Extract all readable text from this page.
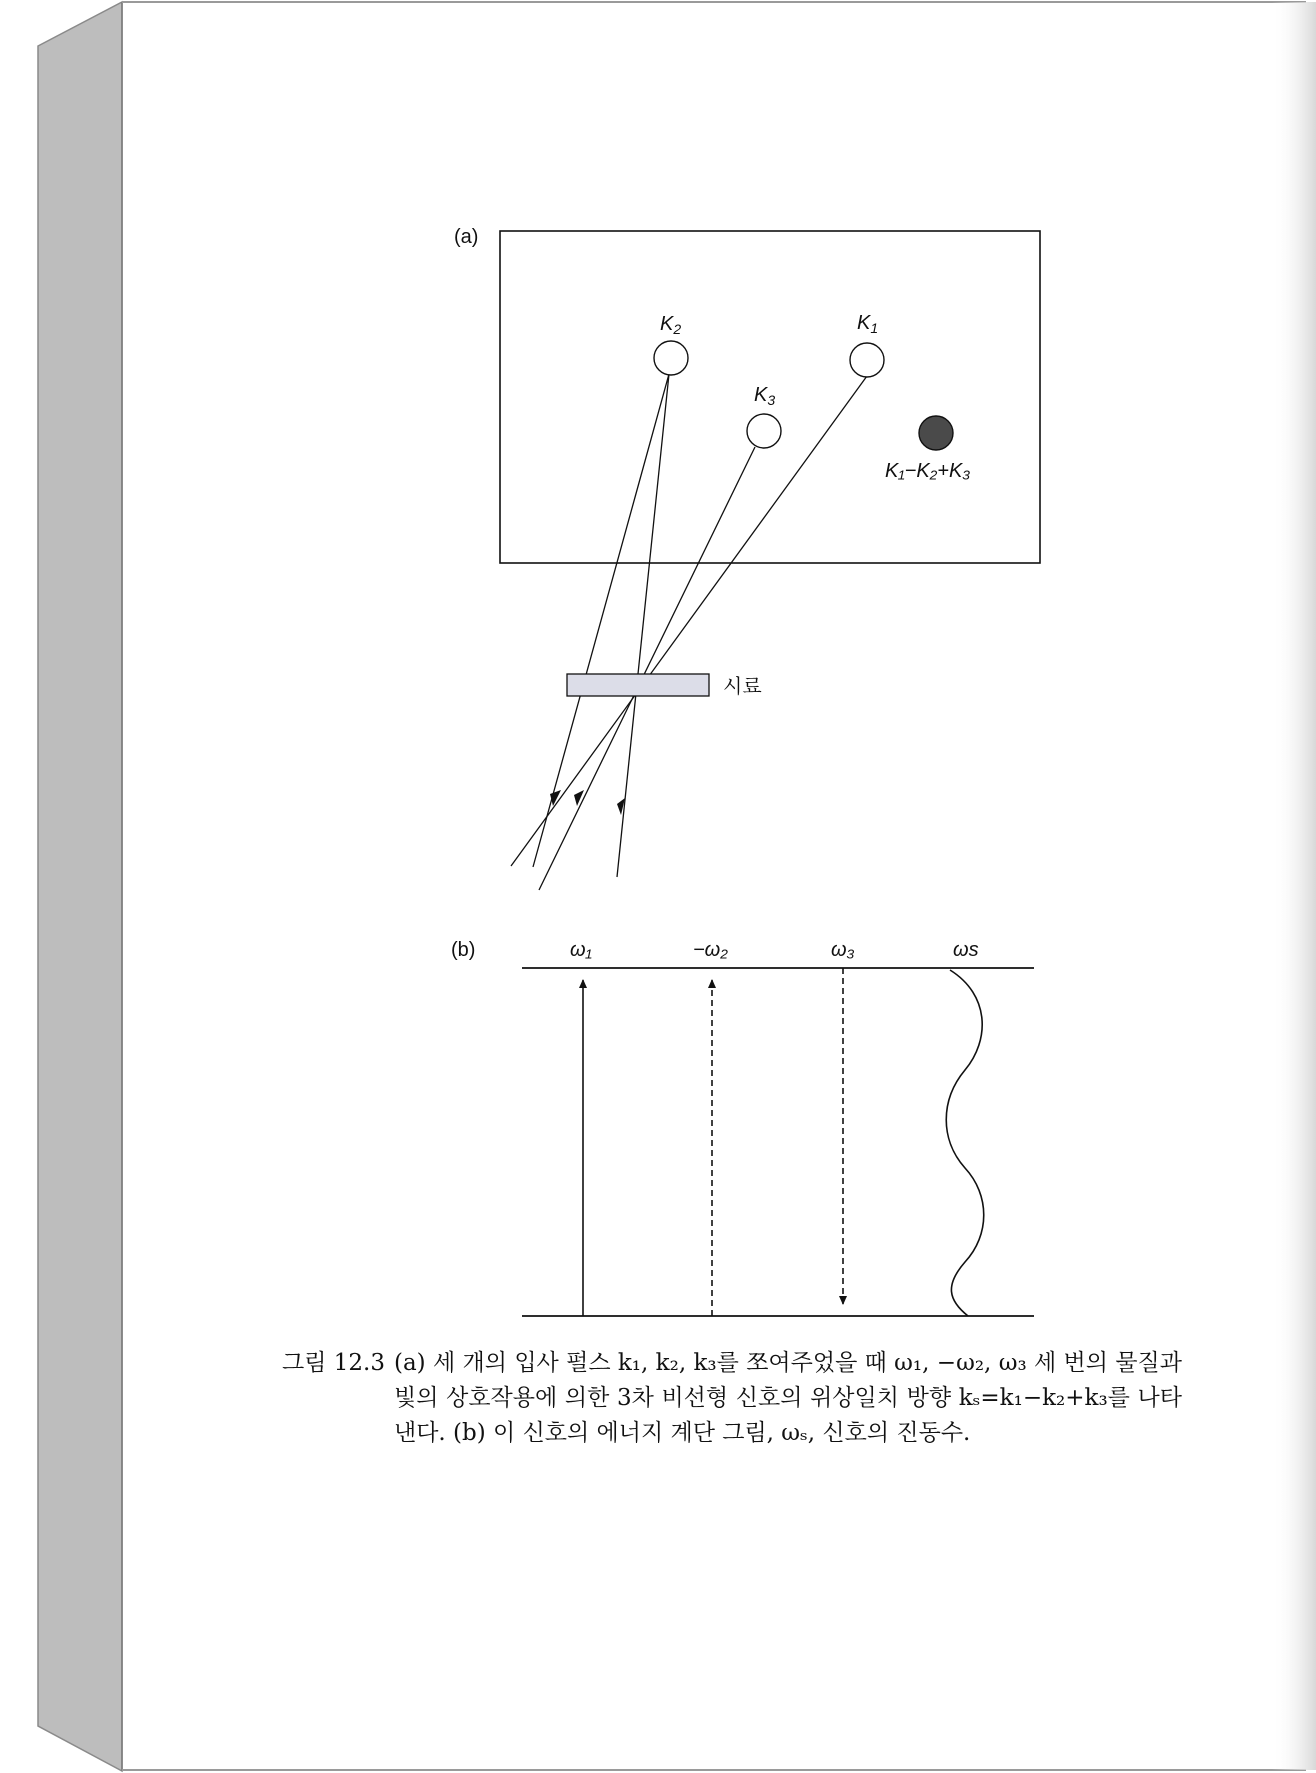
(a)
시료
$K_2$	$K_1$
$K_3$
K₁−K₂+K₃
(b)	ω₁	−ω₂	ω₃	ωs
그림 12.3 (a) 세 개의 입사 펄스 k₁, k₂, k₃를 쪼여주었을 때 ω₁, −ω₂, ω₃ 세 번의 물질과 빛의 상호작용에 의한 3차 비선형 신호의 위상일치 방향 kₛ=k₁−k₂+k₃를 나타낸다. (b) 이 신호의 에너지 계단 그림, ωₛ, 신호의 진동수.
